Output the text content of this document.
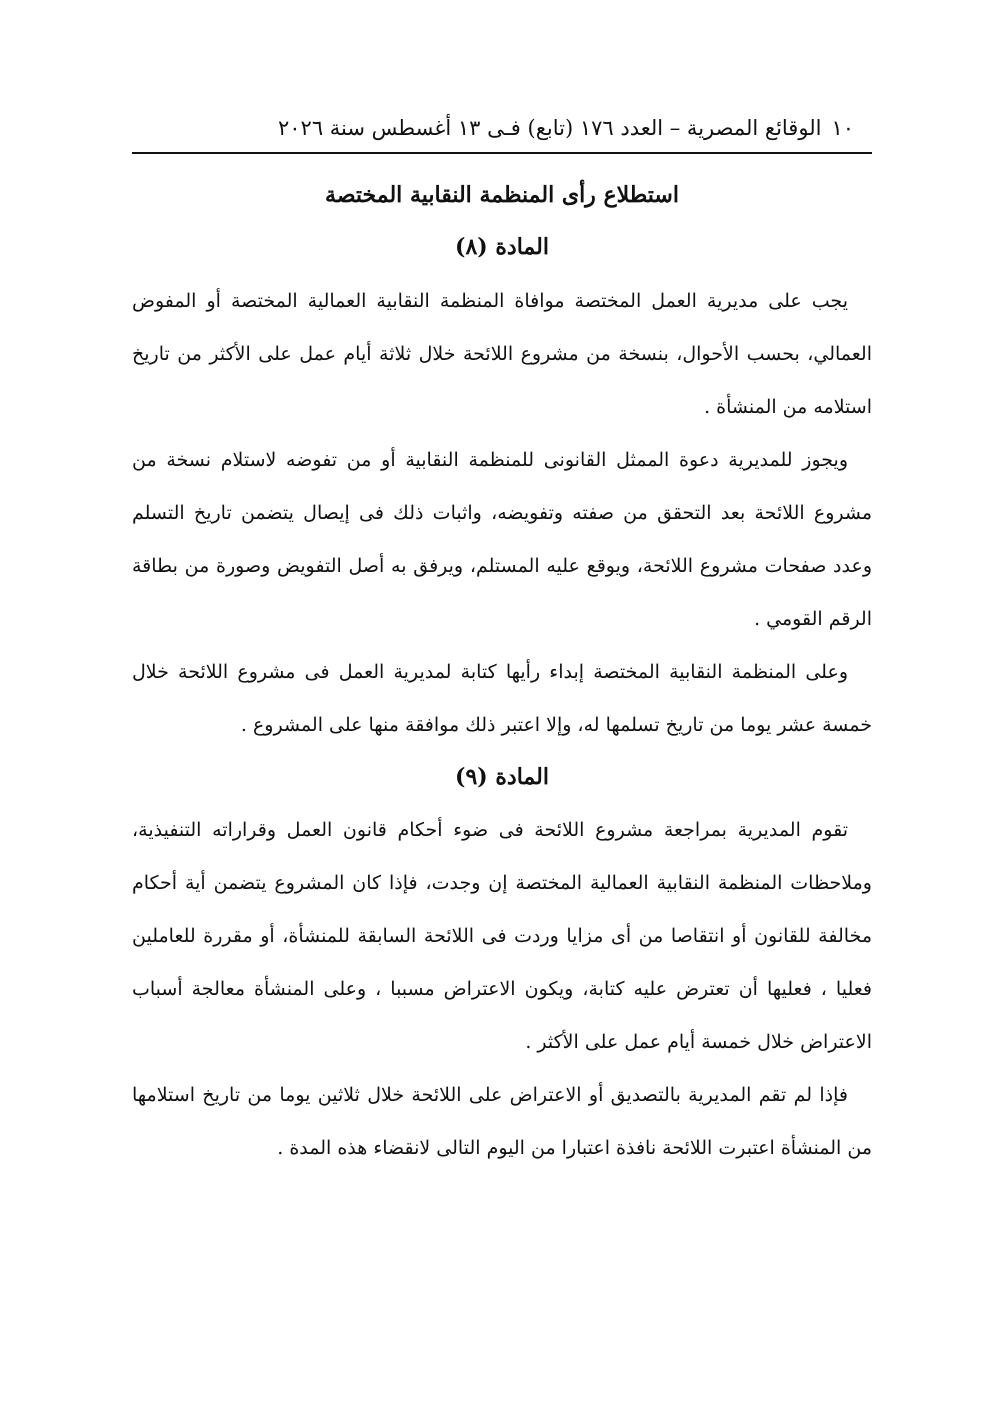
١٠
الوقائع المصرية – العدد ١٧٦ (تابع) فـى ١٣ أغسطس سنة ٢٠٢٦
استطلاع رأى المنظمة النقابية المختصة
المادة (٨)

يجب على مديرية العمل المختصة موافاة المنظمة النقابية العمالية المختصة أو المفوض العمالي، بحسب الأحوال، بنسخة من مشروع اللائحة خلال ثلاثة أيام عمل على الأكثر من تاريخ استلامه من المنشأة .

ويجوز للمديرية دعوة الممثل القانونى للمنظمة النقابية أو من تفوضه لاستلام نسخة من مشروع اللائحة بعد التحقق من صفته وتفويضه، واثبات ذلك فى إيصال يتضمن تاريخ التسلم وعدد صفحات مشروع اللائحة، ويوقع عليه المستلم، ويرفق به أصل التفويض وصورة من بطاقة الرقم القومي .

وعلى المنظمة النقابية المختصة إبداء رأيها كتابة لمديرية العمل فى مشروع اللائحة خلال خمسة عشر يوما من تاريخ تسلمها له، وإلا اعتبر ذلك موافقة منها على المشروع .

المادة (٩)

تقوم المديرية بمراجعة مشروع اللائحة فى ضوء أحكام قانون العمل وقراراته التنفيذية، وملاحظات المنظمة النقابية العمالية المختصة إن وجدت، فإذا كان المشروع يتضمن أية أحكام مخالفة للقانون أو انتقاصا من أى مزايا وردت فى اللائحة السابقة للمنشأة، أو مقررة للعاملين فعليا ، فعليها أن تعترض عليه كتابة، ويكون الاعتراض مسببا ، وعلى المنشأة معالجة أسباب الاعتراض خلال خمسة أيام عمل على الأكثر .

فإذا لم تقم المديرية بالتصديق أو الاعتراض على اللائحة خلال ثلاثين يوما من تاريخ استلامها من المنشأة اعتبرت اللائحة نافذة اعتبارا من اليوم التالى لانقضاء هذه المدة .
